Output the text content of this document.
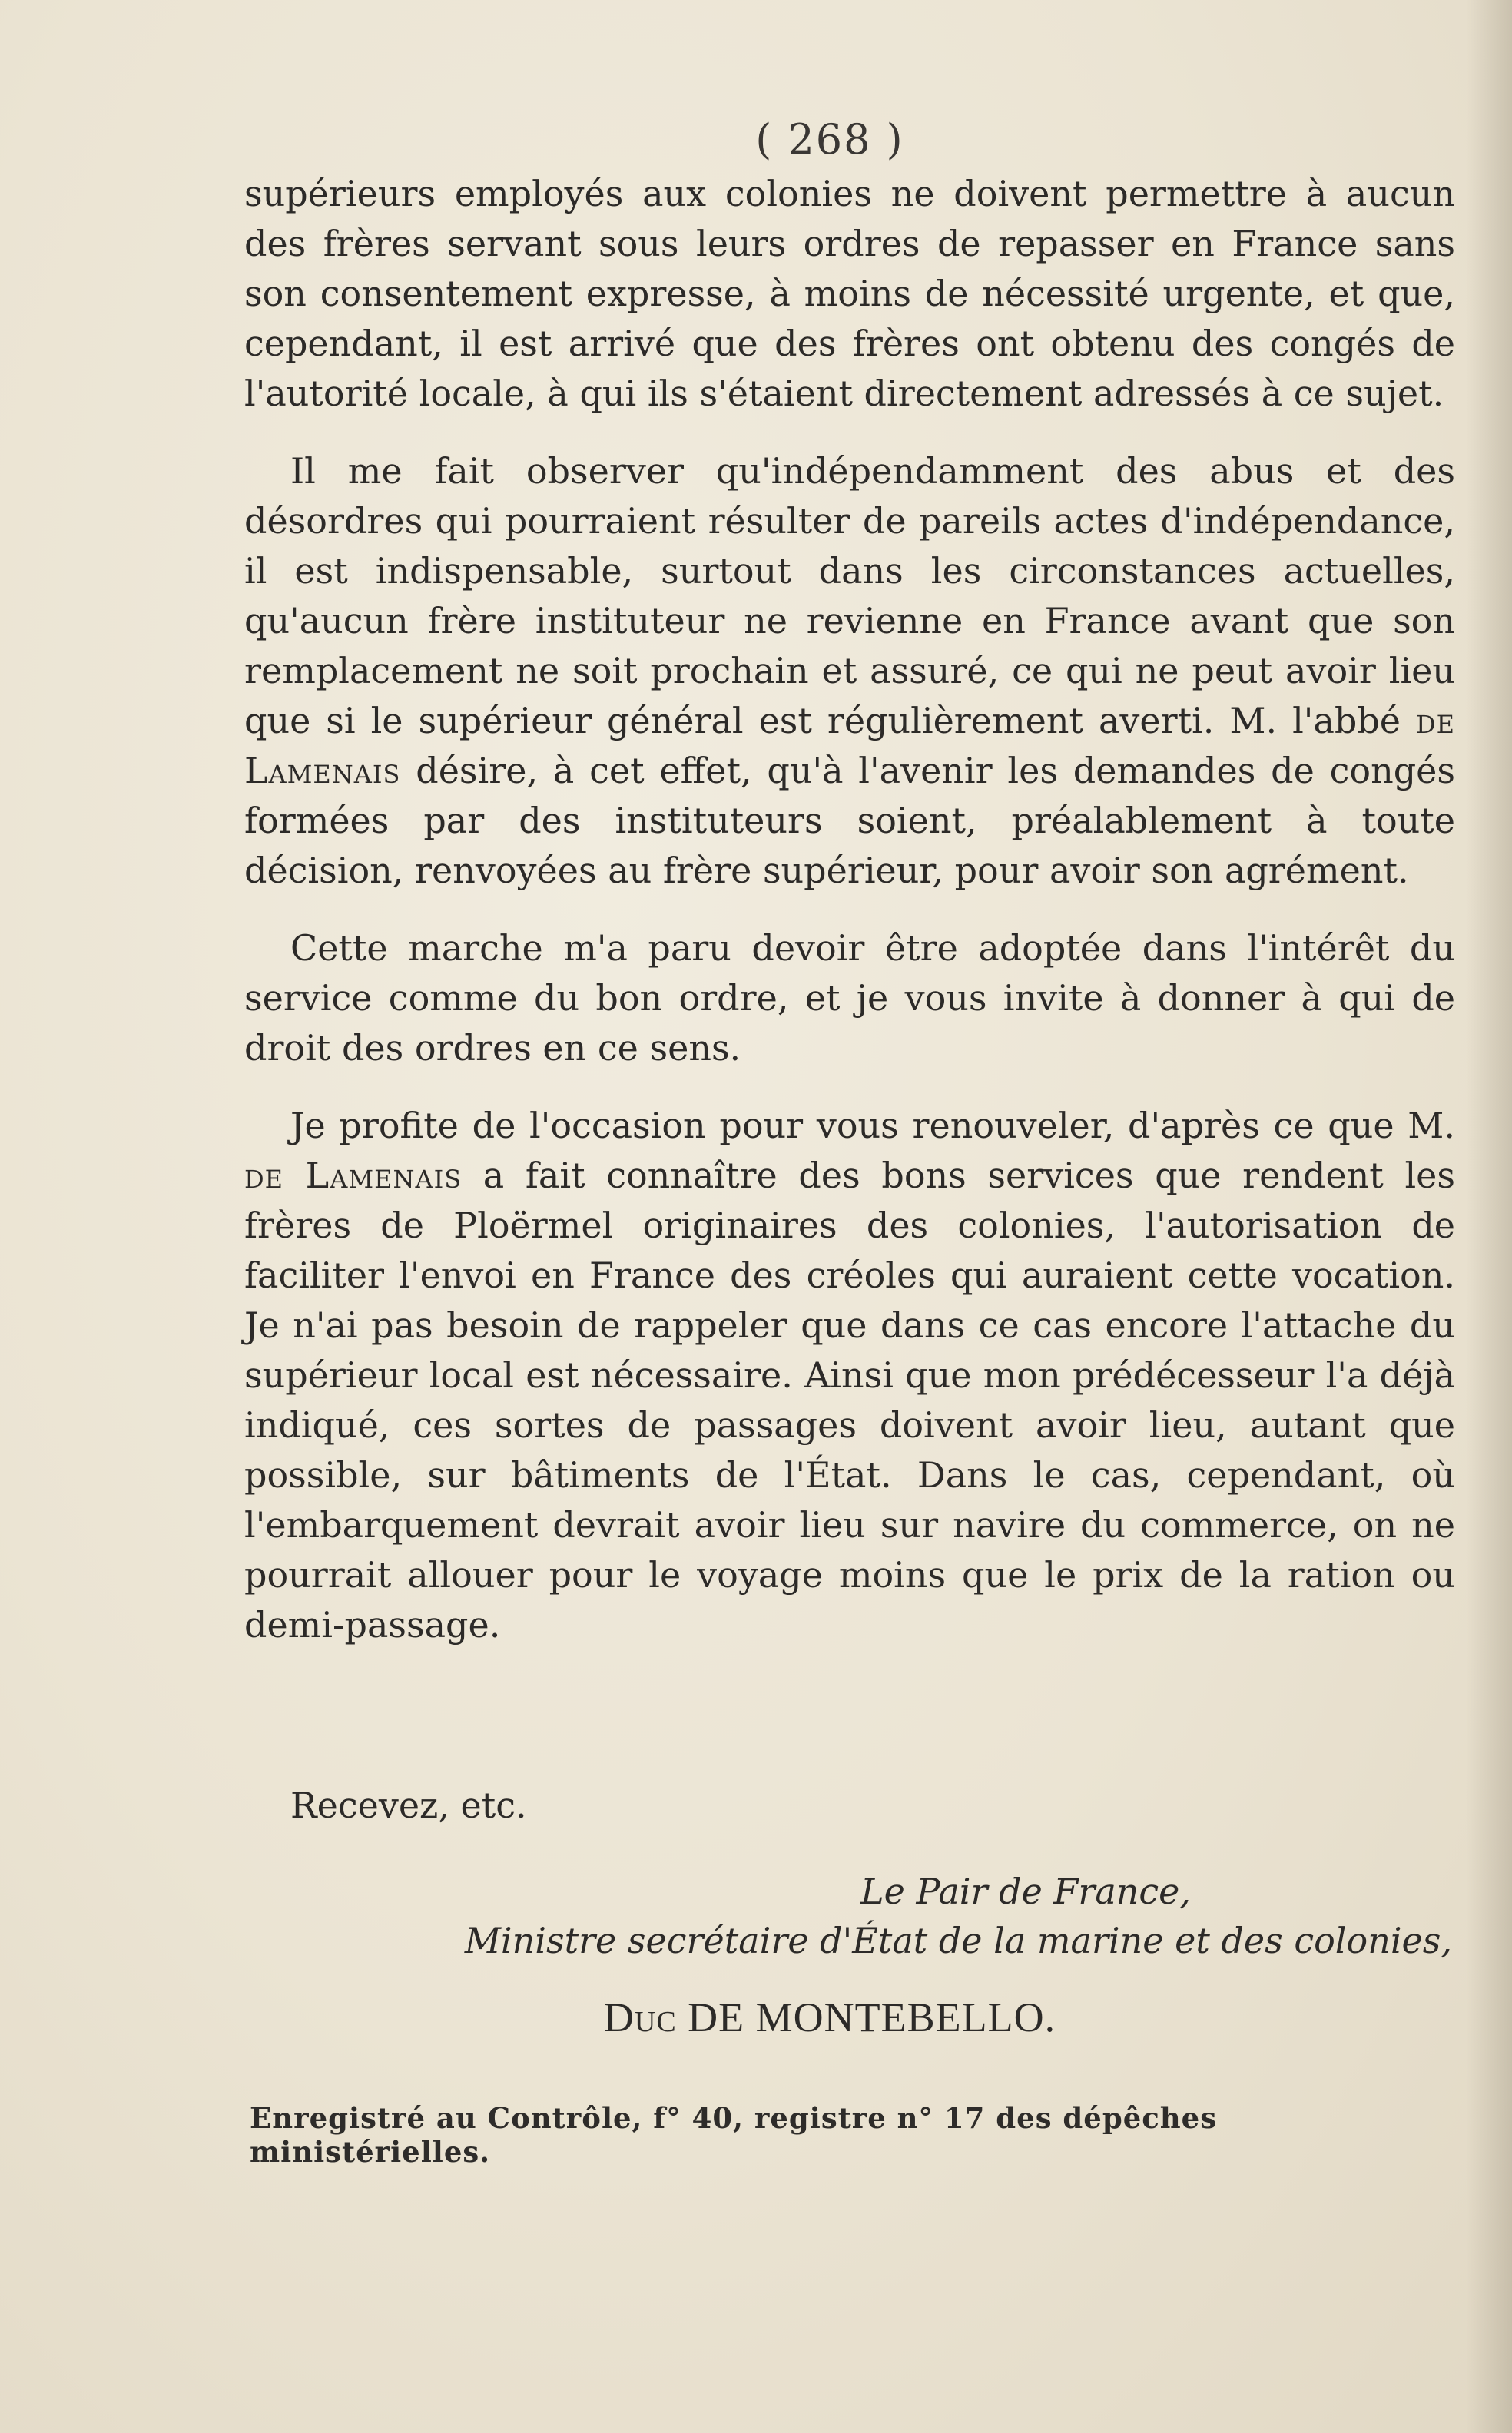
( 268 )

supérieurs employés aux colonies ne doivent permettre à aucun des frères servant sous leurs ordres de repasser en France sans son consentement expresse, à moins de nécessité urgente, et que, cependant, il est arrivé que des frères ont obtenu des congés de l'autorité locale, à qui ils s'étaient directement adressés à ce sujet.

Il me fait observer qu'indépendamment des abus et des désordres qui pourraient résulter de pareils actes d'indépendance, il est indispensable, surtout dans les circonstances actuelles, qu'aucun frère instituteur ne revienne en France avant que son remplacement ne soit prochain et assuré, ce qui ne peut avoir lieu que si le supérieur général est régulièrement averti. M. l'abbé de Lamenais désire, à cet effet, qu'à l'avenir les demandes de congés formées par des instituteurs soient, préalablement à toute décision, renvoyées au frère supérieur, pour avoir son agrément.

Cette marche m'a paru devoir être adoptée dans l'intérêt du service comme du bon ordre, et je vous invite à donner à qui de droit des ordres en ce sens.

Je profite de l'occasion pour vous renouveler, d'après ce que M. de Lamenais a fait connaître des bons services que rendent les frères de Ploërmel originaires des colonies, l'autorisation de faciliter l'envoi en France des créoles qui auraient cette vocation. Je n'ai pas besoin de rappeler que dans ce cas encore l'attache du supérieur local est nécessaire. Ainsi que mon prédécesseur l'a déjà indiqué, ces sortes de passages doivent avoir lieu, autant que possible, sur bâtiments de l'État. Dans le cas, cependant, où l'embarquement devrait avoir lieu sur navire du commerce, on ne pourrait allouer pour le voyage moins que le prix de la ration ou demi-passage.

Recevez, etc.
Le Pair de France,
Ministre secrétaire d'État de la marine et des colonies,
Duc DE MONTEBELLO.
Enregistré au Contrôle, f° 40, registre n° 17 des dépêches ministérielles.
